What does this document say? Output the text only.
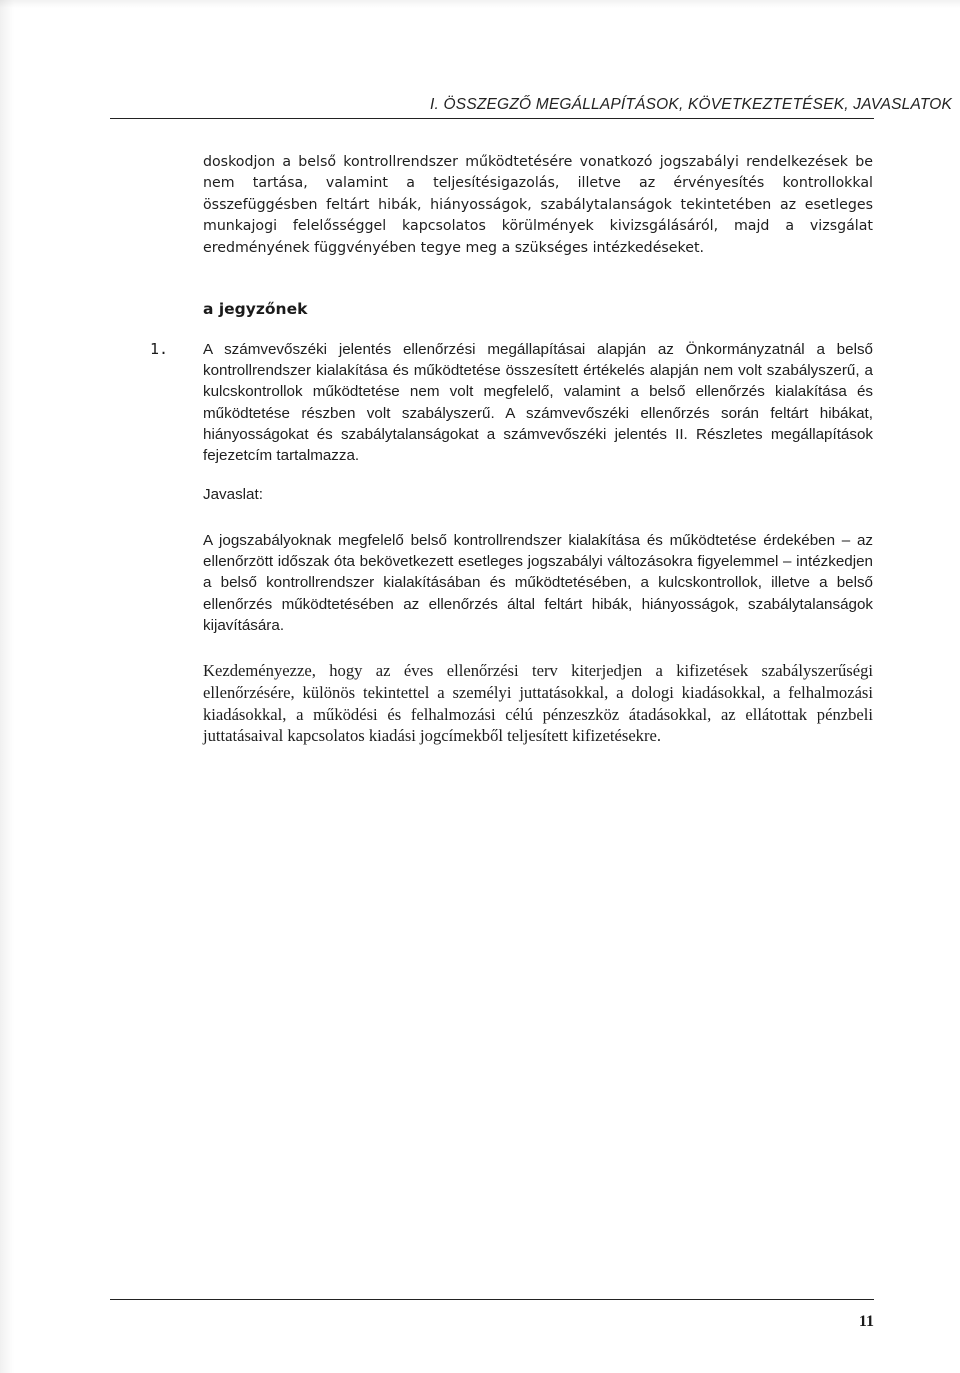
I. ÖSSZEGZŐ MEGÁLLAPÍTÁSOK, KÖVETKEZTETÉSEK, JAVASLATOK

doskodjon a belső kontrollrendszer működtetésére vonatkozó jogszabályi rendelkezések be nem tartása, valamint a teljesítésigazolás, illetve az érvényesítés kontrollokkal összefüggésben feltárt hibák, hiányosságok, szabálytalanságok tekintetében az esetleges munkajogi felelősséggel kapcsolatos körülmények kivizsgálásáról, majd a vizsgálat eredményének függvényében tegye meg a szükséges intézkedéseket.

a jegyzőnek
1. A számvevőszéki jelentés ellenőrzési megállapításai alapján az Önkormányzatnál a belső kontrollrendszer kialakítása és működtetése összesített értékelés alapján nem volt szabályszerű, a kulcskontrollok működtetése nem volt megfelelő, valamint a belső ellenőrzés kialakítása és működtetése részben volt szabályszerű. A számvevőszéki ellenőrzés során feltárt hibákat, hiányosságokat és szabálytalanságokat a számvevőszéki jelentés II. Részletes megállapítások fejezetcím tartalmazza.

Javaslat:

A jogszabályoknak megfelelő belső kontrollrendszer kialakítása és működtetése érdekében – az ellenőrzött időszak óta bekövetkezett esetleges jogszabályi változásokra figyelemmel – intézkedjen a belső kontrollrendszer kialakításában és működtetésében, a kulcskontrollok, illetve a belső ellenőrzés működtetésében az ellenőrzés által feltárt hibák, hiányosságok, szabálytalanságok kijavítására.

Kezdeményezze, hogy az éves ellenőrzési terv kiterjedjen a kifizetések szabályszerűségi ellenőrzésére, különös tekintettel a személyi juttatásokkal, a dologi kiadásokkal, a felhalmozási kiadásokkal, a működési és felhalmozási célú pénzeszköz átadásokkal, az ellátottak pénzbeli juttatásaival kapcsolatos kiadási jogcímekből teljesített kifizetésekre.

11
